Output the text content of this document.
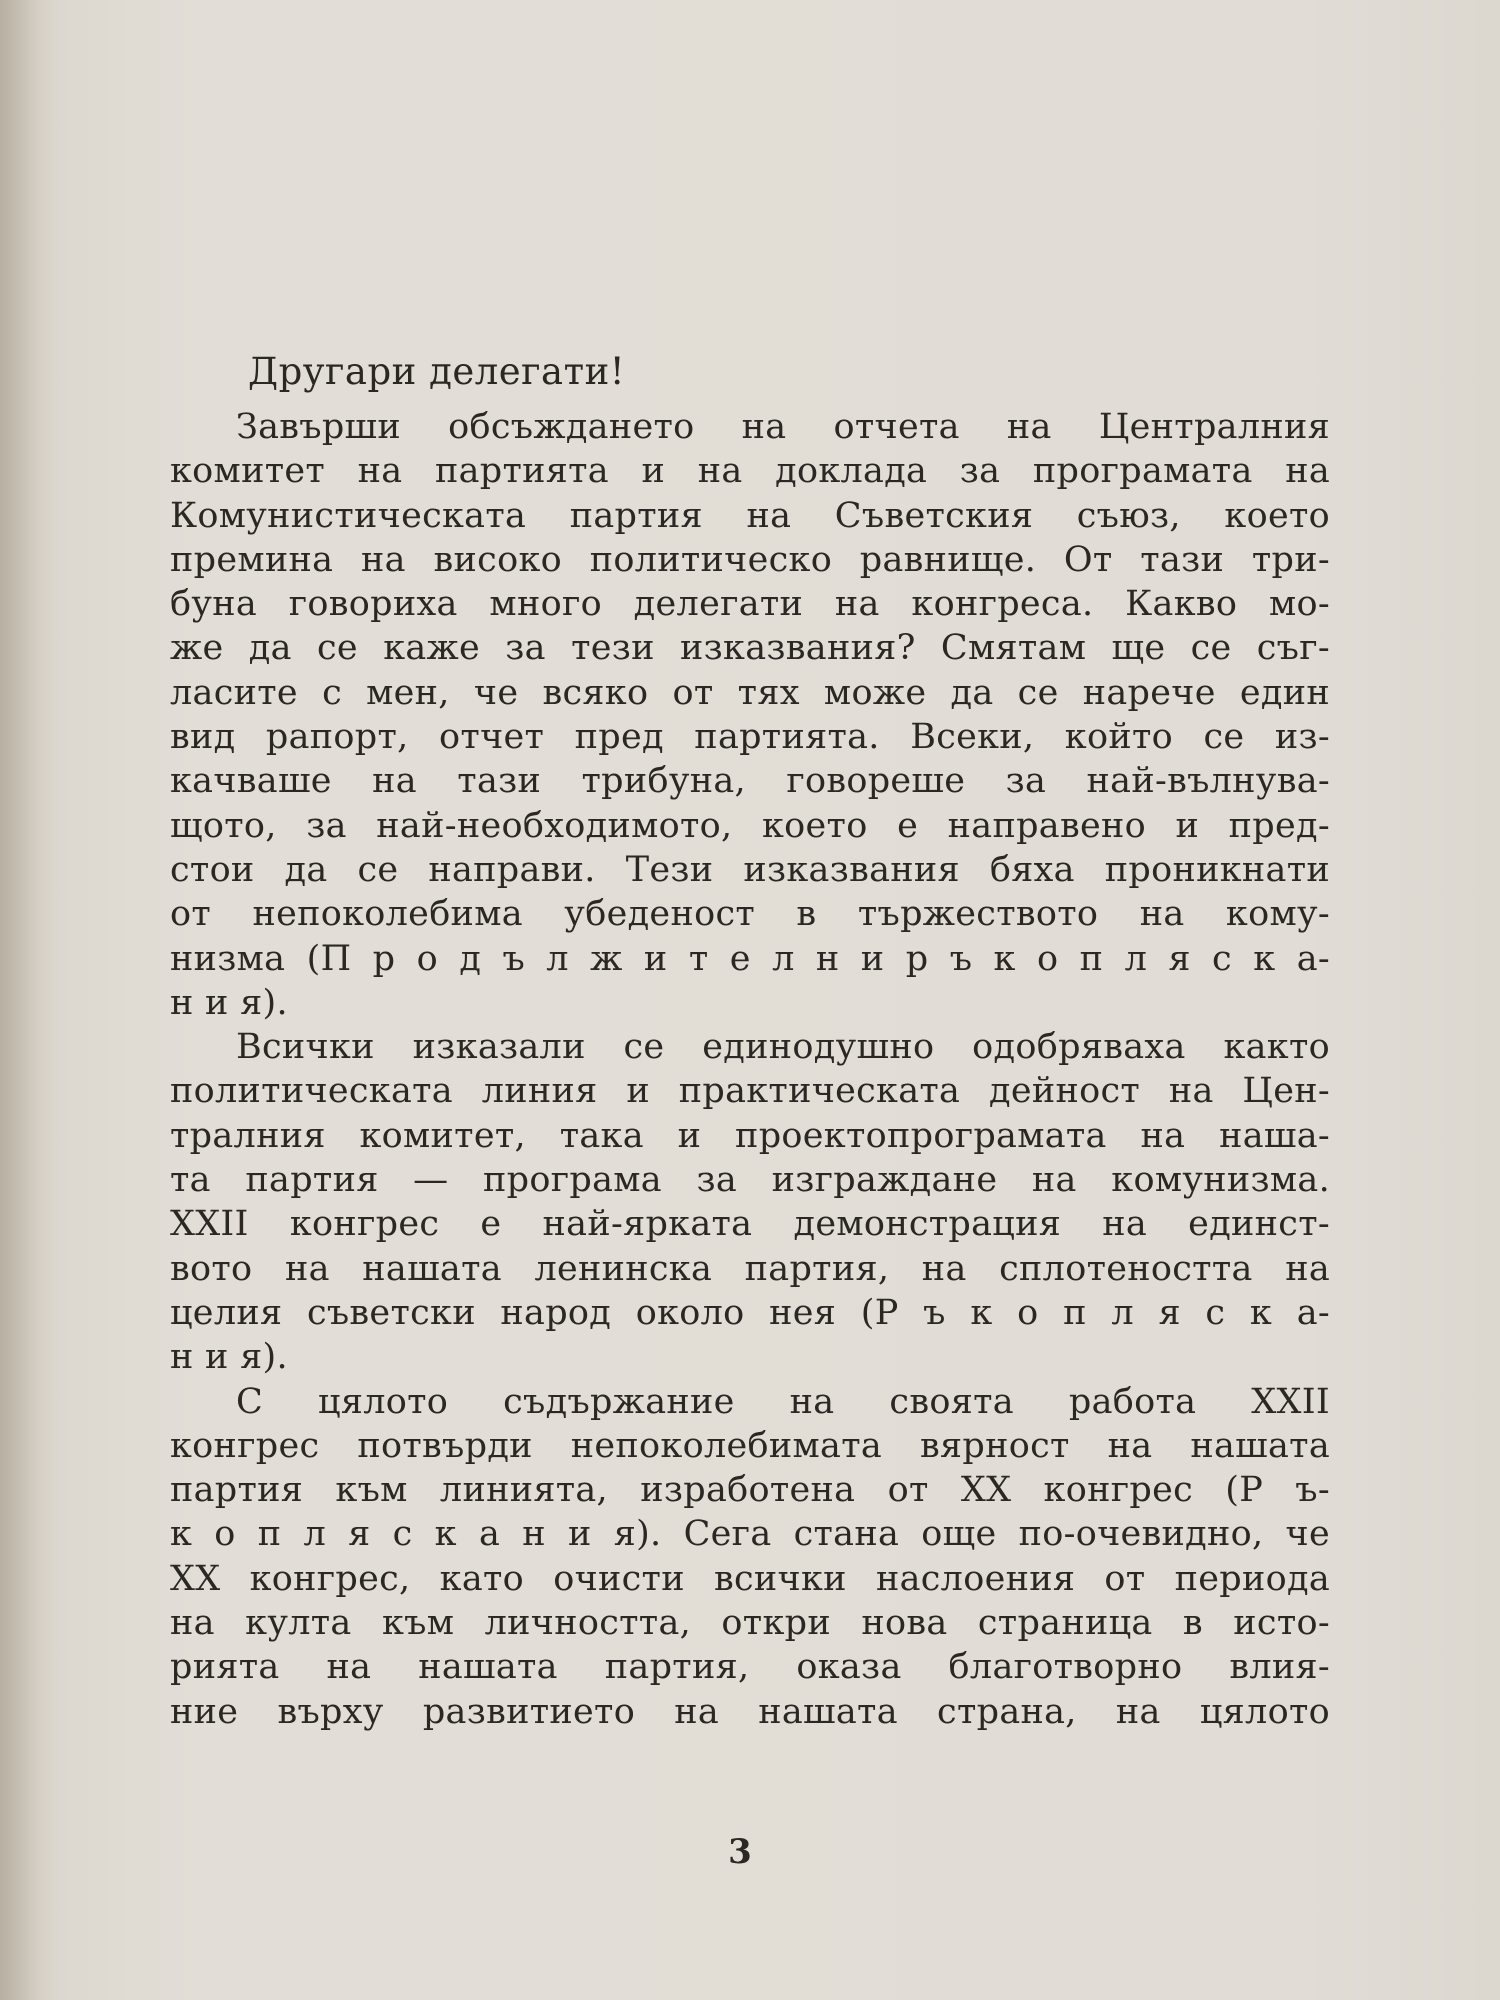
Другари делегати!

Завърши обсъждането на отчета на Централния
комитет на партията и на доклада за програмата на
Комунистическата партия на Съветския съюз, което
премина на високо политическо равнище. От тази три-
буна говориха много делегати на конгреса. Какво мо-
же да се каже за тези изказвания? Смятам ще се съг-
ласите с мен, че всяко от тях може да се нарече един
вид рапорт, отчет пред партията. Всеки, който се из-
качваше на тази трибуна, говореше за най-вълнува-
щото, за най-необходимото, което е направено и пред-
стои да се направи. Тези изказвания бяха проникнати
от непоколебима убеденост в тържеството на кому-
низма (П р о д ъ л ж и т е л н и р ъ к о п л я с к а-
н и я).
Всички изказали се единодушно одобряваха както
политическата линия и практическата дейност на Цен-
тралния комитет, така и проектопрограмата на наша-
та партия — програма за изграждане на комунизма.
XXII конгрес е най-ярката демонстрация на единст-
вото на нашата ленинска партия, на сплотеността на
целия съветски народ около нея (Р ъ к о п л я с к а-
н и я).
С цялото съдържание на своята работа XXII
конгрес потвърди непоколебимата вярност на нашата
партия към линията, изработена от XX конгрес (Р ъ-
к о п л я с к а н и я). Сега стана още по-очевидно, че
XX конгрес, като очисти всички наслоения от периода
на култа към личността, откри нова страница в исто-
рията на нашата партия, оказа благотворно влия-
ние върху развитието на нашата страна, на цялото

3
